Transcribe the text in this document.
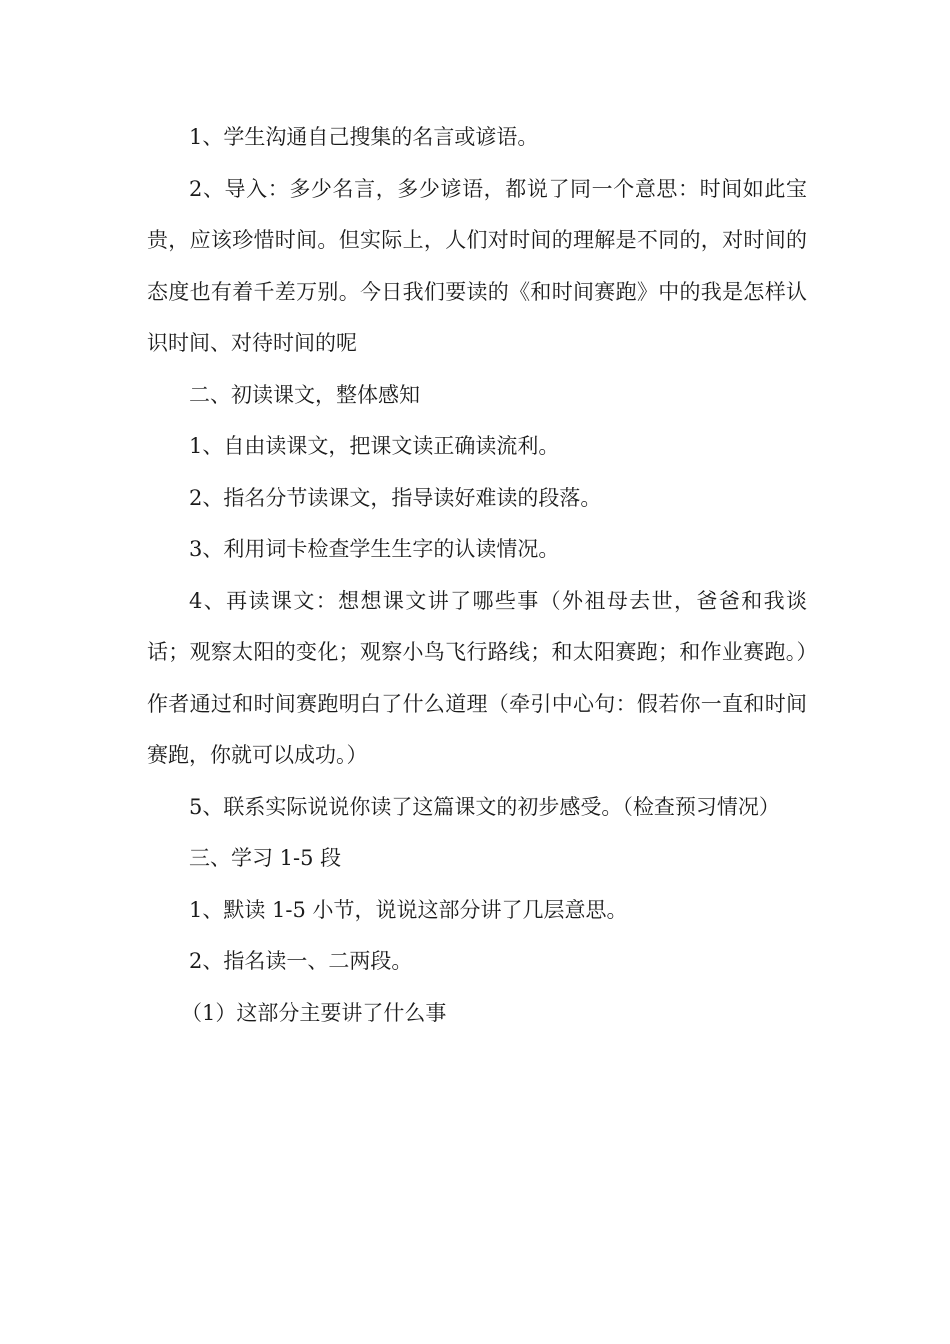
1、学生沟通自己搜集的名言或谚语。

2、导入：多少名言，多少谚语，都说了同一个意思：时间如此宝贵，应该珍惜时间。但实际上，人们对时间的理解是不同的，对时间的态度也有着千差万别。今日我们要读的《和时间赛跑》中的我是怎样认识时间、对待时间的呢

二、初读课文，整体感知

1、自由读课文，把课文读正确读流利。

2、指名分节读课文，指导读好难读的段落。

3、利用词卡检查学生生字的认读情况。

4、再读课文：想想课文讲了哪些事（外祖母去世，爸爸和我谈话；观察太阳的变化；观察小鸟飞行路线；和太阳赛跑；和作业赛跑。）作者通过和时间赛跑明白了什么道理（牵引中心句：假若你一直和时间赛跑，你就可以成功。）

5、联系实际说说你读了这篇课文的初步感受。（检查预习情况）

三、学习 1-5 段

1、默读 1-5 小节，说说这部分讲了几层意思。

2、指名读一、二两段。

（1）这部分主要讲了什么事
